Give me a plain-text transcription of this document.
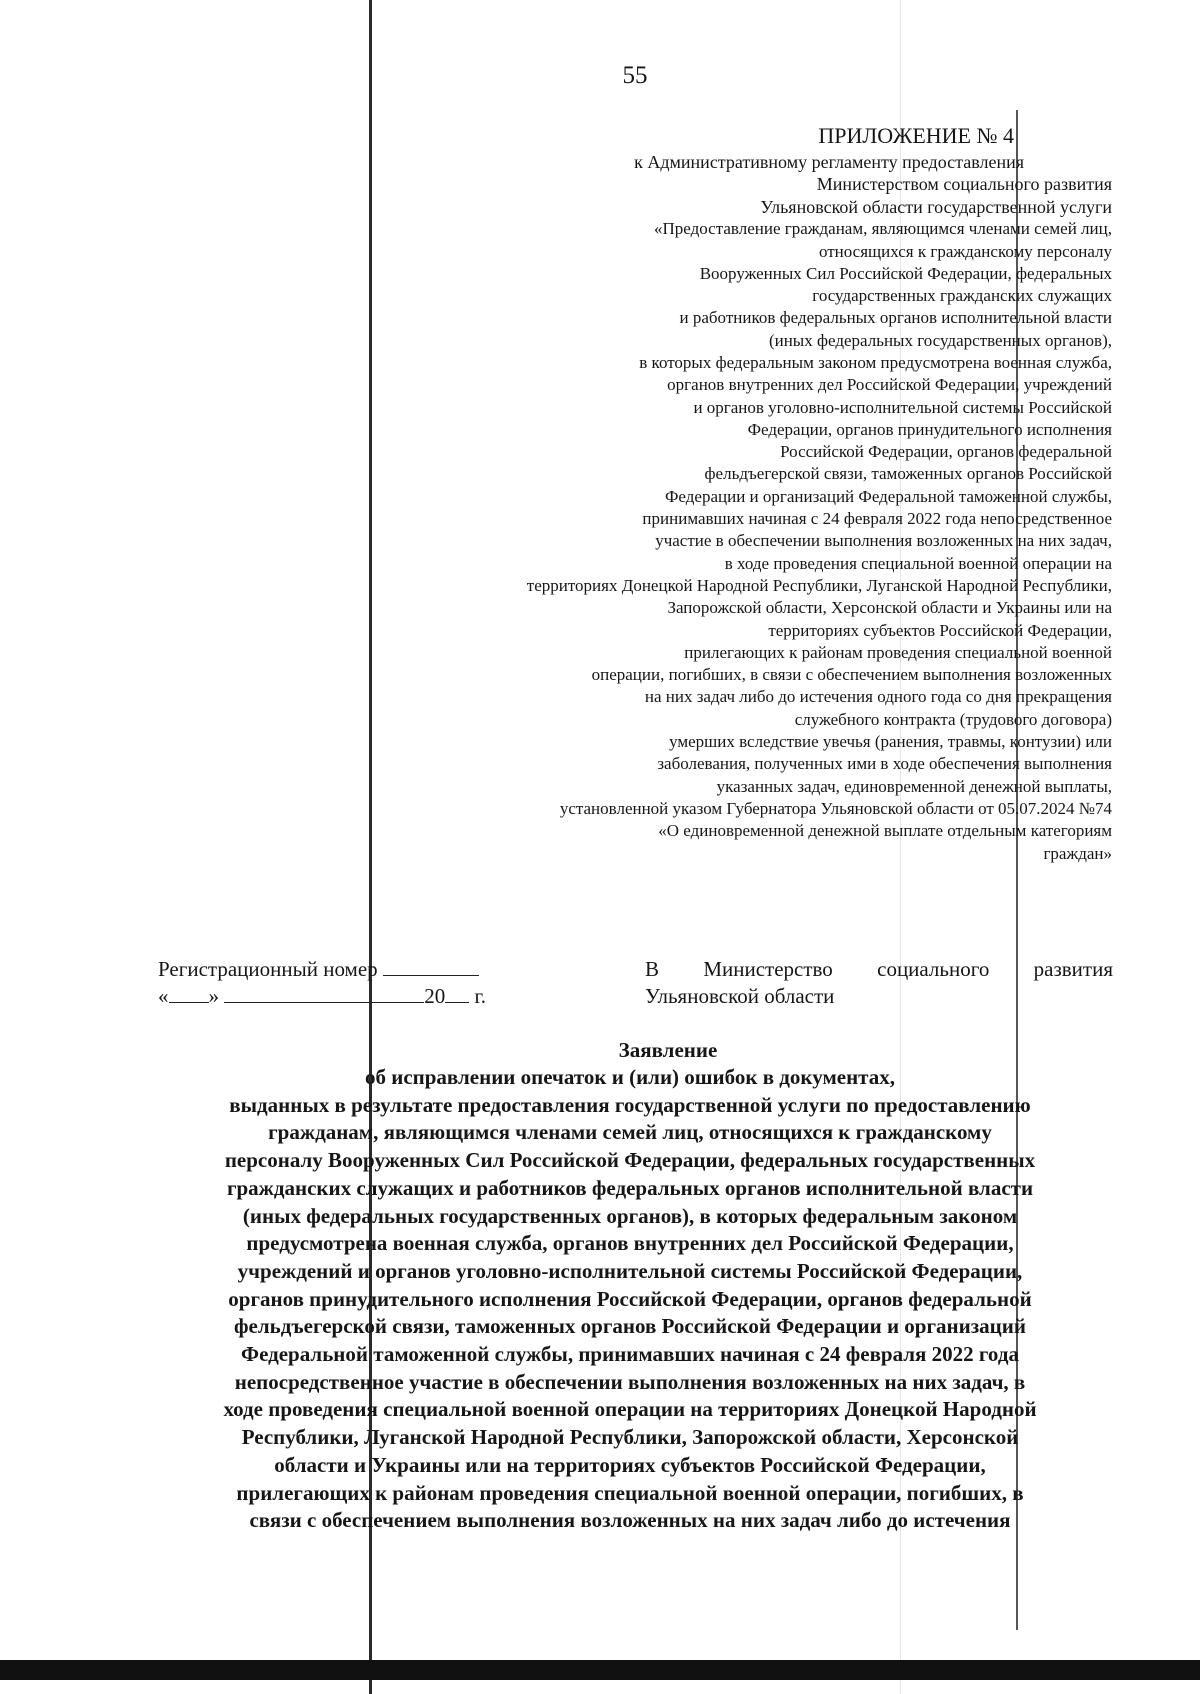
55
ПРИЛОЖЕНИЕ № 4
к Административному регламенту предоставления
Министерством социального развития
Ульяновской области государственной услуги
«Предоставление гражданам, являющимся членами семей лиц,
относящихся к гражданскому персоналу
Вооруженных Сил Российской Федерации, федеральных
государственных гражданских служащих
и работников федеральных органов исполнительной власти
(иных федеральных государственных органов),
в которых федеральным законом предусмотрена военная служба,
органов внутренних дел Российской Федерации, учреждений
и органов уголовно-исполнительной системы Российской
Федерации, органов принудительного исполнения
Российской Федерации, органов федеральной
фельдъегерской связи, таможенных органов Российской
Федерации и организаций Федеральной таможенной службы,
принимавших начиная с 24 февраля 2022 года непосредственное
участие в обеспечении выполнения возложенных на них задач,
в ходе проведения специальной военной операции на
территориях Донецкой Народной Республики, Луганской Народной Республики,
Запорожской области, Херсонской области и Украины или на
территориях субъектов Российской Федерации,
прилегающих к районам проведения специальной военной
операции, погибших, в связи с обеспечением выполнения возложенных
на них задач либо до истечения одного года со дня прекращения
служебного контракта (трудового договора)
умерших вследствие увечья (ранения, травмы, контузии) или
заболевания, полученных ими в ходе обеспечения выполнения
указанных задач, единовременной денежной выплаты,
установленной указом Губернатора Ульяновской области от 05.07.2024 №74
«О единовременной денежной выплате отдельным категориям
граждан»
Регистрационный номер
« »	20 г.
В Министерство социального развития
Ульяновской области
Заявление
об исправлении опечаток и (или) ошибок в документах,
выданных в результате предоставления государственной услуги по предоставлению
гражданам, являющимся членами семей лиц, относящихся к гражданскому
персоналу Вооруженных Сил Российской Федерации, федеральных государственных
гражданских служащих и работников федеральных органов исполнительной власти
(иных федеральных государственных органов), в которых федеральным законом
предусмотрена военная служба, органов внутренних дел Российской Федерации,
учреждений и органов уголовно-исполнительной системы Российской Федерации,
органов принудительного исполнения Российской Федерации, органов федеральной
фельдъегерской связи, таможенных органов Российской Федерации и организаций
Федеральной таможенной службы, принимавших начиная с 24 февраля 2022 года
непосредственное участие в обеспечении выполнения возложенных на них задач, в
ходе проведения специальной военной операции на территориях Донецкой Народной
Республики, Луганской Народной Республики, Запорожской области, Херсонской
области и Украины или на территориях субъектов Российской Федерации,
прилегающих к районам проведения специальной военной операции, погибших, в
связи с обеспечением выполнения возложенных на них задач либо до истечения
